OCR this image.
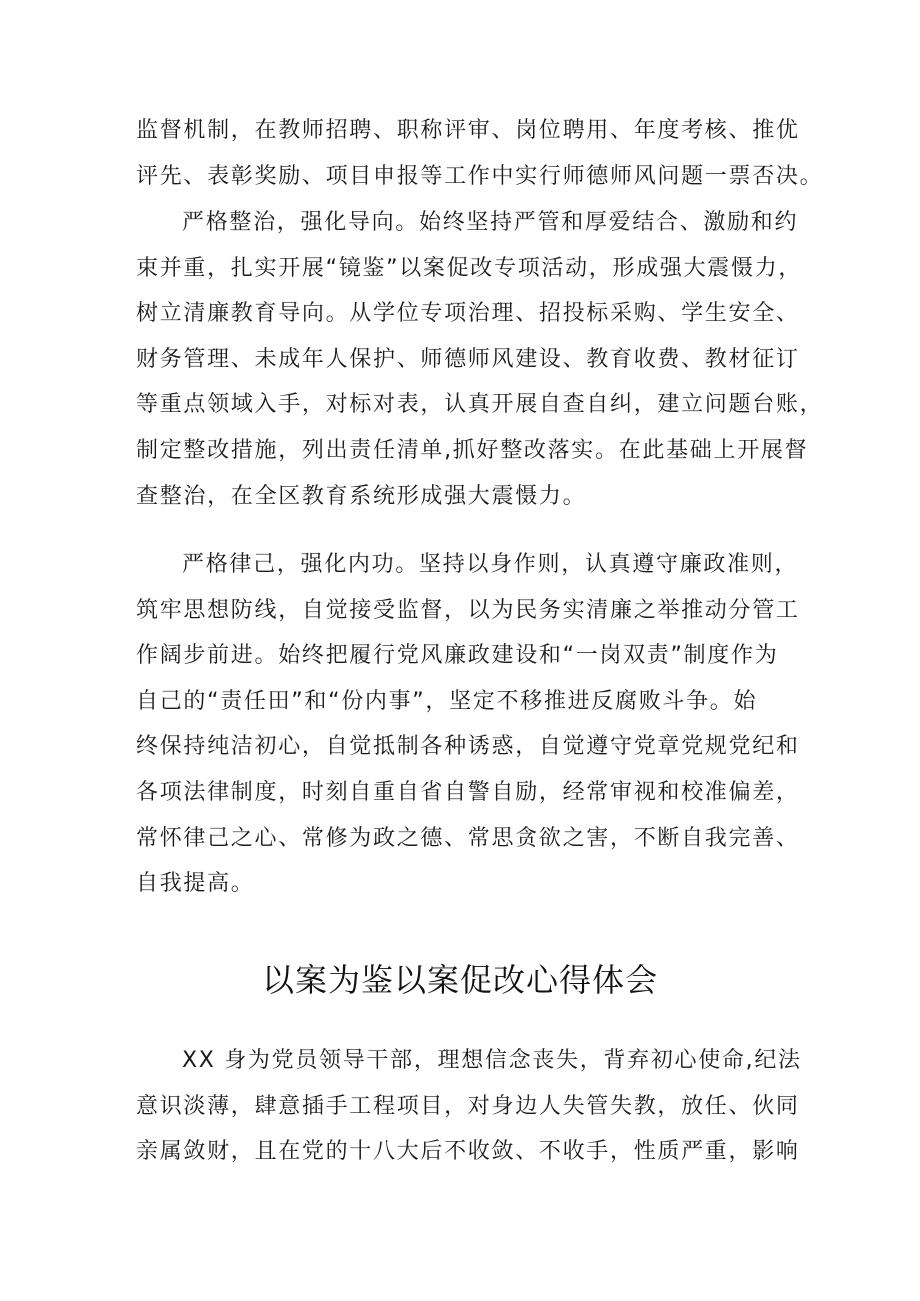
监督机制，在教师招聘、职称评审、岗位聘用、年度考核、推优
评先、表彰奖励、项目申报等工作中实行师德师风问题一票否决。
严格整治，强化导向。始终坚持严管和厚爱结合、激励和约
束并重，扎实开展“镜鉴”以案促改专项活动，形成强大震慑力，
树立清廉教育导向。从学位专项治理、招投标采购、学生安全、
财务管理、未成年人保护、师德师风建设、教育收费、教材征订
等重点领域入手，对标对表，认真开展自查自纠，建立问题台账，
制定整改措施，列出责任清单,抓好整改落实。在此基础上开展督
查整治，在全区教育系统形成强大震慑力。
严格律己，强化内功。坚持以身作则，认真遵守廉政准则，
筑牢思想防线，自觉接受监督，以为民务实清廉之举推动分管工
作阔步前进。始终把履行党风廉政建设和“一岗双责”制度作为
自己的“责任田”和“份内事”，坚定不移推进反腐败斗争。始
终保持纯洁初心，自觉抵制各种诱惑，自觉遵守党章党规党纪和
各项法律制度，时刻自重自省自警自励，经常审视和校准偏差，
常怀律己之心、常修为政之德、常思贪欲之害，不断自我完善、
自我提高。
以案为鉴以案促改心得体会
XX 身为党员领导干部，理想信念丧失，背弃初心使命,纪法
意识淡薄，肆意插手工程项目，对身边人失管失教，放任、伙同
亲属敛财，且在党的十八大后不收敛、不收手，性质严重，影响
